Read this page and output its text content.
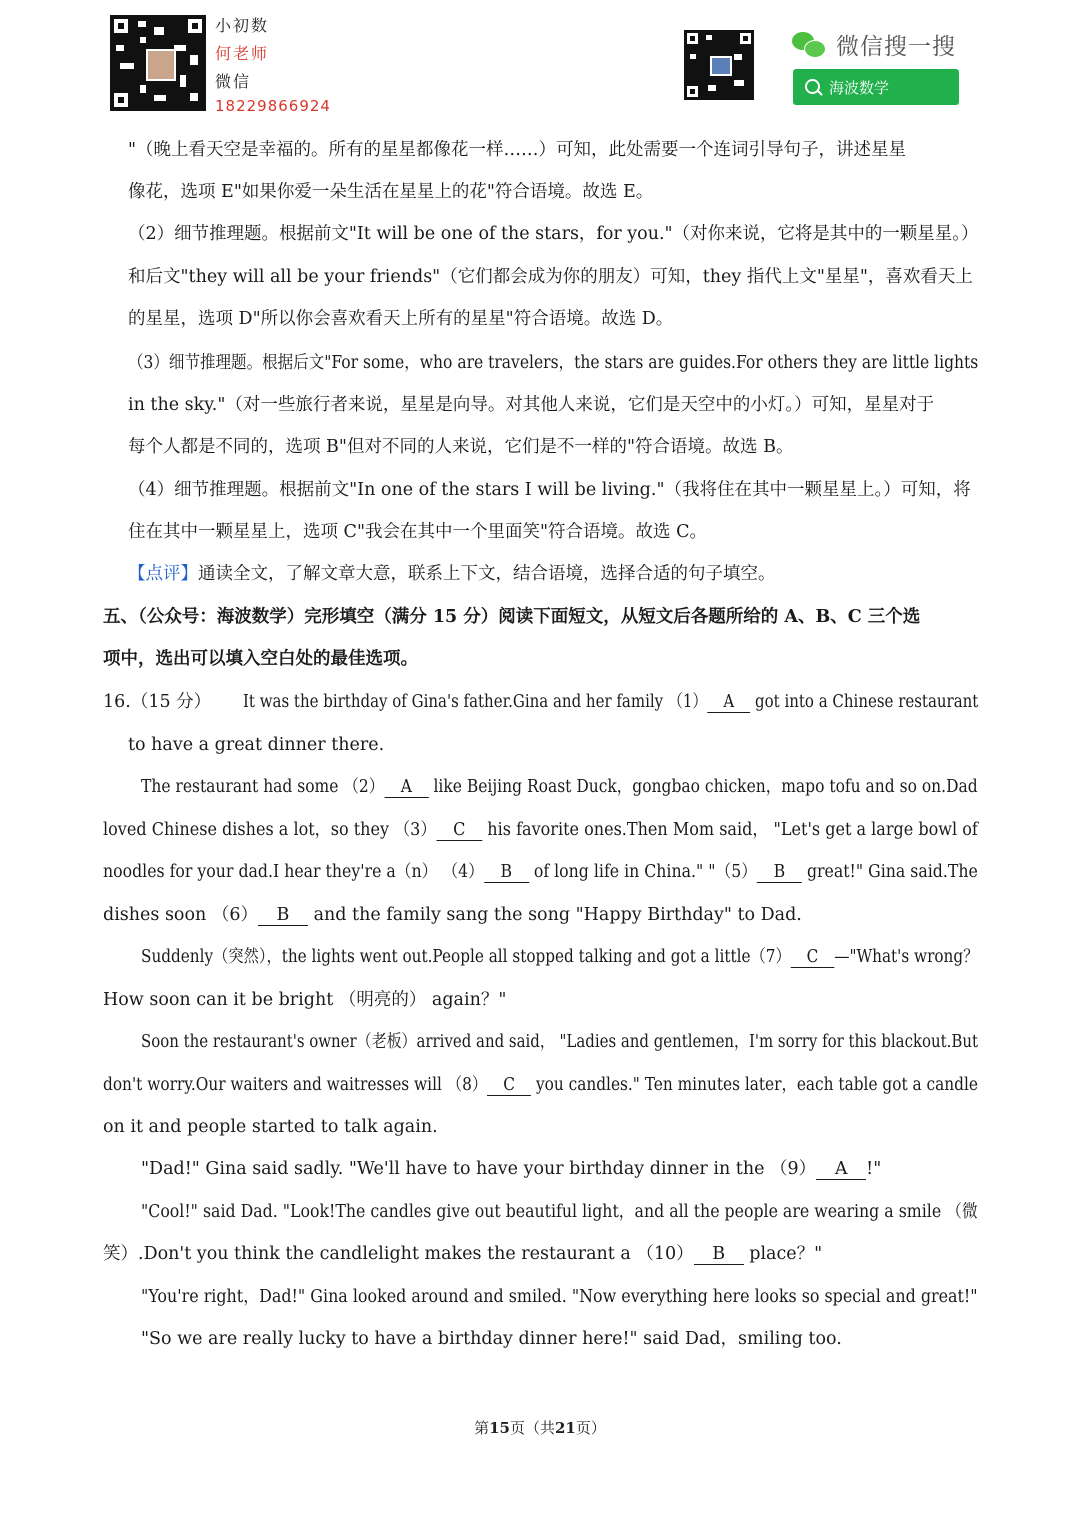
小初数
何老师
微信
18229866924
微信搜一搜
海波数学
"（晚上看天空是幸福的。所有的星星都像花一样……）可知，此处需要一个连词引导句子，讲述星星
像花，选项 E"如果你爱一朵生活在星星上的花"符合语境。故选 E。
（2）细节推理题。根据前文"It will be one of the stars，for you."（对你来说，它将是其中的一颗星星。）
和后文"they will all be your friends"（它们都会成为你的朋友）可知，they 指代上文"星星"，喜欢看天上
的星星，选项 D"所以你会喜欢看天上所有的星星"符合语境。故选 D。
（3）细节推理题。根据后文"For some，who are travelers，the stars are guides.For others they are little lights
in the sky."（对一些旅行者来说，星星是向导。对其他人来说，它们是天空中的小灯。）可知，星星对于
每个人都是不同的，选项 B"但对不同的人来说，它们是不一样的"符合语境。故选 B。
（4）细节推理题。根据前文"In one of the stars I will be living."（我将住在其中一颗星星上。）可知，将
住在其中一颗星星上，选项 C"我会在其中一个里面笑"符合语境。故选 C。
【点评】通读全文，了解文章大意，联系上下文，结合语境，选择合适的句子填空。
五、（公众号：海波数学）完形填空（满分 15 分）阅读下面短文，从短文后各题所给的 A、B、C 三个选
项中，选出可以填入空白处的最佳选项。
16.（15 分） It was the birthday of Gina's father.Gina and her family （1） A got into a Chinese restaurant
to have a great dinner there.
The restaurant had some （2） A like Beijing Roast Duck，gongbao chicken，mapo tofu and so on.Dad
loved Chinese dishes a lot，so they （3） C his favorite ones.Then Mom said， "Let's get a large bowl of
noodles for your dad.I hear they're a（n） （4） B of long life in China." "（5） B great!" Gina said.The
dishes soon （6） B and the family sang the song "Happy Birthday" to Dad.
Suddenly（突然），the lights went out.People all stopped talking and got a little（7） C —"What's wrong？
How soon can it be bright （明亮的） again？"
Soon the restaurant's owner（老板）arrived and said， "Ladies and gentlemen，I'm sorry for this blackout.But
don't worry.Our waiters and waitresses will （8） C you candles." Ten minutes later，each table got a candle
on it and people started to talk again.
"Dad!" Gina said sadly. "We'll have to have your birthday dinner in the （9） A !"
"Cool!" said Dad. "Look!The candles give out beautiful light，and all the people are wearing a smile （微
笑）.Don't you think the candlelight makes the restaurant a （10） B place？"
"You're right，Dad!" Gina looked around and smiled. "Now everything here looks so special and great!"
"So we are really lucky to have a birthday dinner here!" said Dad，smiling too.
第15页（共21页）
